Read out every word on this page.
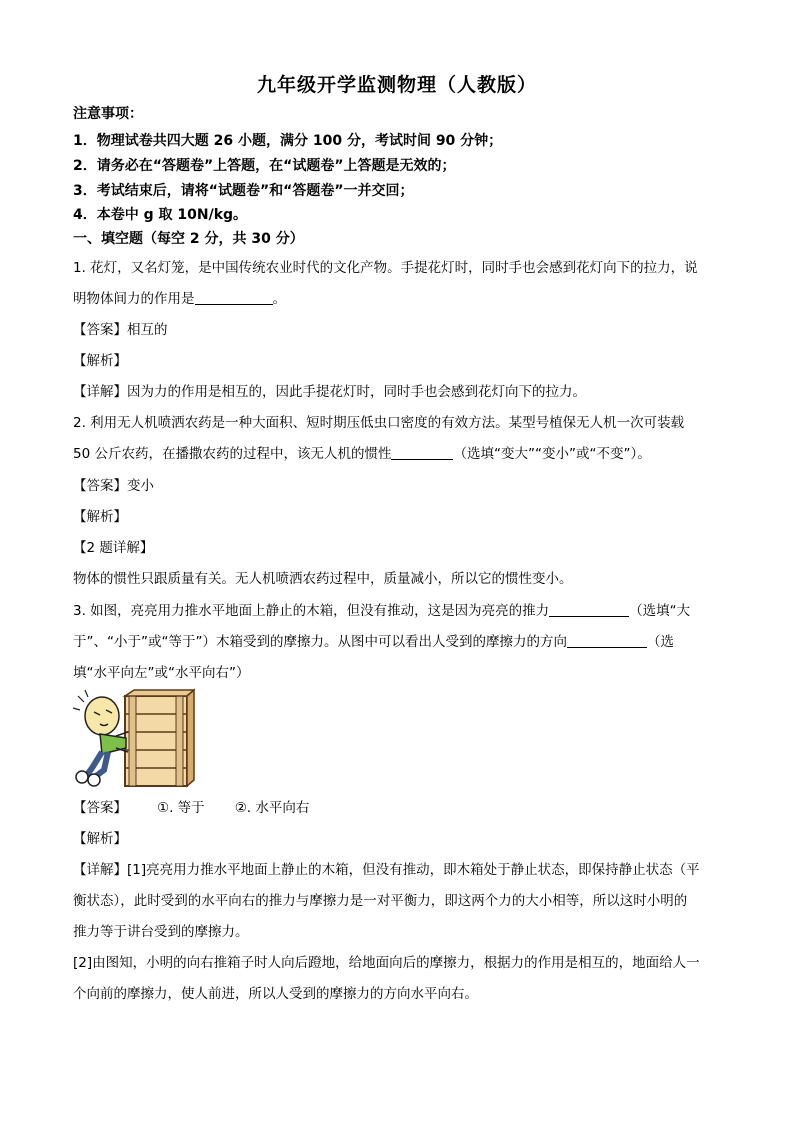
九年级开学监测物理（人教版）
注意事项：
1．物理试卷共四大题 26 小题，满分 100 分，考试时间 90 分钟；
2．请务必在“答题卷”上答题，在“试题卷”上答题是无效的；
3．考试结束后，请将“试题卷”和“答题卷”一并交回；
4．本卷中 g 取 10N/kg。
一、填空题（每空 2 分，共 30 分）
1. 花灯，又名灯笼，是中国传统农业时代的文化产物。手提花灯时，同时手也会感到花灯向下的拉力，说
明物体间力的作用是	。
【答案】相互的
【解析】
【详解】因为力的作用是相互的，因此手提花灯时，同时手也会感到花灯向下的拉力。
2. 利用无人机喷洒农药是一种大面积、短时期压低虫口密度的有效方法。某型号植保无人机一次可装载
50 公斤农药，在播撒农药的过程中，该无人机的惯性	（选填“变大”“变小”或“不变”）。
【答案】变小
【解析】
【2 题详解】
物体的惯性只跟质量有关。无人机喷洒农药过程中，质量减小，所以它的惯性变小。
3. 如图，亮亮用力推水平地面上静止的木箱，但没有推动，这是因为亮亮的推力	（选填“大
于”、“小于”或“等于”）木箱受到的摩擦力。从图中可以看出人受到的摩擦力的方向	（选
填“水平向左”或“水平向右”）
【答案】 ①. 等于 ②. 水平向右
【解析】
【详解】[1]亮亮用力推水平地面上静止的木箱，但没有推动，即木箱处于静止状态，即保持静止状态（平
衡状态），此时受到的水平向右的推力与摩擦力是一对平衡力，即这两个力的大小相等，所以这时小明的
推力等于讲台受到的摩擦力。
[2]由图知，小明的向右推箱子时人向后蹬地，给地面向后的摩擦力，根据力的作用是相互的，地面给人一
个向前的摩擦力，使人前进，所以人受到的摩擦力的方向水平向右。
